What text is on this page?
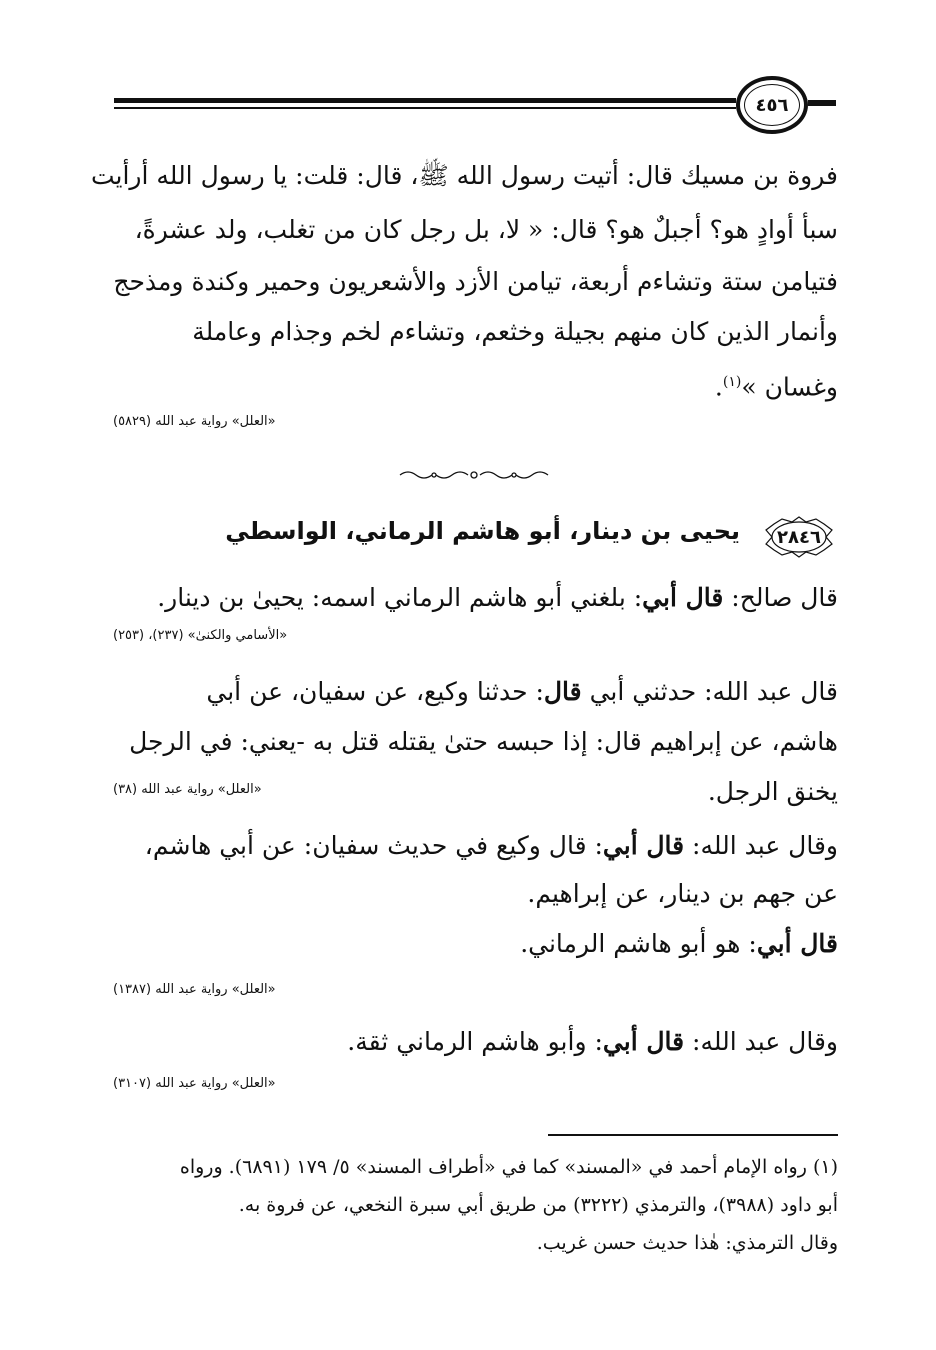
٤٥٦
فروة بن مسيك قال: أتيت رسول الله ﷺ، قال: قلت: يا رسول الله أرأيت
سبأ أوادٍ هو؟ أجبلٌ هو؟ قال: « لا، بل رجل كان من تغلب، ولد عشرةً،
فتيامن ستة وتشاءم أربعة، تيامن الأزد والأشعريون وحمير وكندة ومذحج
وأنمار الذين كان منهم بجيلة وخثعم، وتشاءم لخم وجذام وعاملة
وغسان »$^{(١)}$.
«العلل» رواية عبد الله (٥٨٢٩)
٢٨٤٦
يحيى بن دينار، أبو هاشم الرماني، الواسطي
قال صالح: قال أبي: بلغني أبو هاشم الرماني اسمه: يحيىٰ بن دينار.
«الأسامي والكنىٰ» (٢٣٧)، (٢٥٣)
قال عبد الله: حدثني أبي قال: حدثنا وكيع، عن سفيان، عن أبي
هاشم، عن إبراهيم قال: إذا حبسه حتىٰ يقتله قتل به -يعني: في الرجل
يخنق الرجل.
«العلل» رواية عبد الله (٣٨)
وقال عبد الله: قال أبي: قال وكيع في حديث سفيان: عن أبي هاشم،
عن جهم بن دينار، عن إبراهيم.
قال أبي: هو أبو هاشم الرماني.
«العلل» رواية عبد الله (١٣٨٧)
وقال عبد الله: قال أبي: وأبو هاشم الرماني ثقة.
«العلل» رواية عبد الله (٣١٠٧)
(١) رواه الإمام أحمد في «المسند» كما في «أطراف المسند» ٥/ ١٧٩ (٦٨٩١). ورواه
أبو داود (٣٩٨٨)، والترمذي (٣٢٢٢) من طريق أبي سبرة النخعي، عن فروة به.
وقال الترمذي: هٰذا حديث حسن غريب.
